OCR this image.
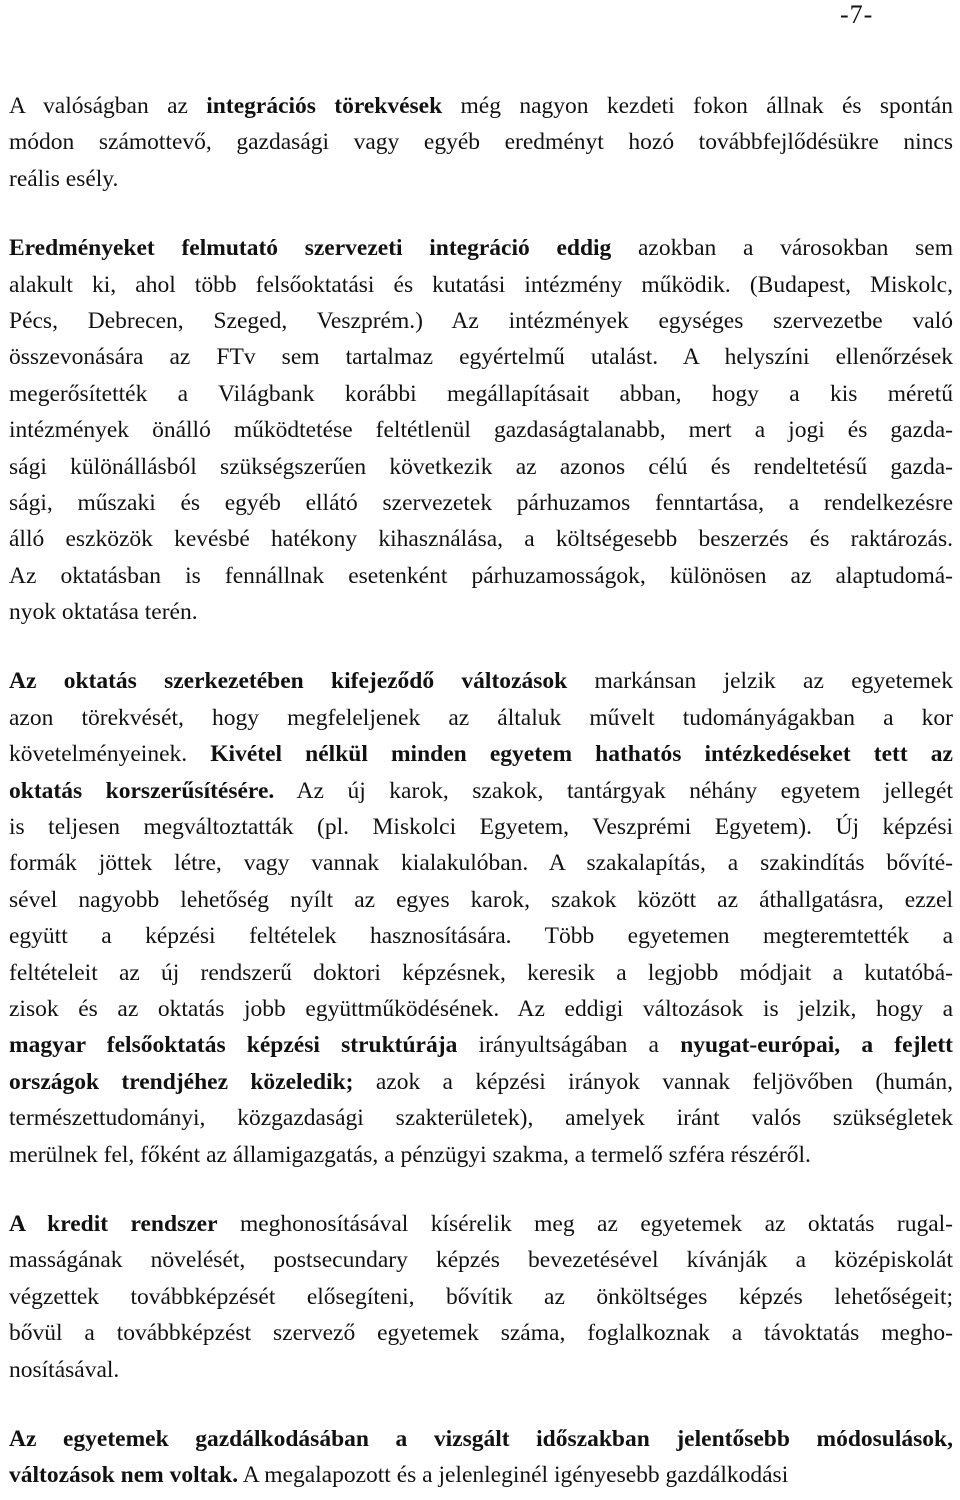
-7-
A valóságban az integrációs törekvések még nagyon kezdeti fokon állnak és spontán
módon számottevő, gazdasági vagy egyéb eredményt hozó továbbfejlődésükre nincs
reális esély.
Eredményeket felmutató szervezeti integráció eddig azokban a városokban sem
alakult ki, ahol több felsőoktatási és kutatási intézmény működik. (Budapest, Miskolc,
Pécs, Debrecen, Szeged, Veszprém.) Az intézmények egységes szervezetbe való
összevonására az FTv sem tartalmaz egyértelmű utalást. A helyszíni ellenőrzések
megerősítették a Világbank korábbi megállapításait abban, hogy a kis méretű
intézmények önálló működtetése feltétlenül gazdaságtalanabb, mert a jogi és gazda-
sági különállásból szükségszerűen következik az azonos célú és rendeltetésű gazda-
sági, műszaki és egyéb ellátó szervezetek párhuzamos fenntartása, a rendelkezésre
álló eszközök kevésbé hatékony kihasználása, a költségesebb beszerzés és raktározás.
Az oktatásban is fennállnak esetenként párhuzamosságok, különösen az alaptudomá-
nyok oktatása terén.
Az oktatás szerkezetében kifejeződő változások markánsan jelzik az egyetemek
azon törekvését, hogy megfeleljenek az általuk művelt tudományágakban a kor
követelményeinek. Kivétel nélkül minden egyetem hathatós intézkedéseket tett az
oktatás korszerűsítésére. Az új karok, szakok, tantárgyak néhány egyetem jellegét
is teljesen megváltoztatták (pl. Miskolci Egyetem, Veszprémi Egyetem). Új képzési
formák jöttek létre, vagy vannak kialakulóban. A szakalapítás, a szakindítás bővíté-
sével nagyobb lehetőség nyílt az egyes karok, szakok között az áthallgatásra, ezzel
együtt a képzési feltételek hasznosítására. Több egyetemen megteremtették a
feltételeit az új rendszerű doktori képzésnek, keresik a legjobb módjait a kutatóbá-
zisok és az oktatás jobb együttműködésének. Az eddigi változások is jelzik, hogy a
magyar felsőoktatás képzési struktúrája irányultságában a nyugat-európai, a fejlett
országok trendjéhez közeledik; azok a képzési irányok vannak feljövőben (humán,
természettudományi, közgazdasági szakterületek), amelyek iránt valós szükségletek
merülnek fel, főként az államigazgatás, a pénzügyi szakma, a termelő szféra részéről.
A kredit rendszer meghonosításával kísérelik meg az egyetemek az oktatás rugal-
masságának növelését, postsecundary képzés bevezetésével kívánják a középiskolát
végzettek továbbképzését elősegíteni, bővítik az önköltséges képzés lehetőségeit;
bővül a továbbképzést szervező egyetemek száma, foglalkoznak a távoktatás megho-
nosításával.
Az egyetemek gazdálkodásában a vizsgált időszakban jelentősebb módosulások,
változások nem voltak. A megalapozott és a jelenleginél igényesebb gazdálkodási
